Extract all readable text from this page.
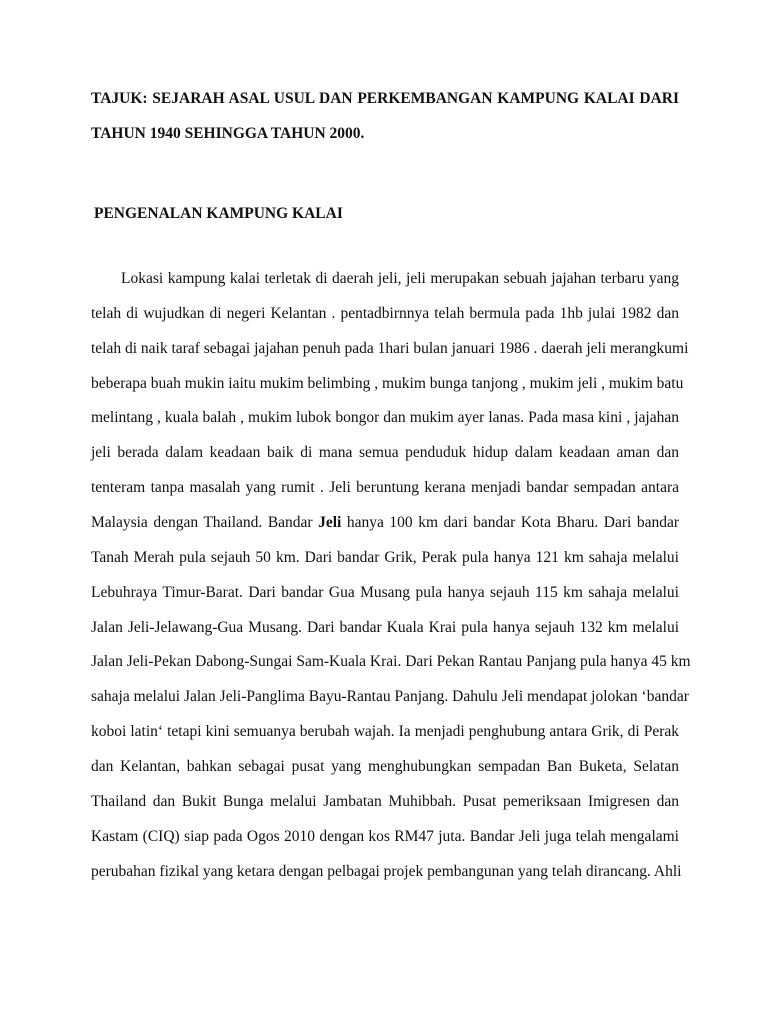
TAJUK: SEJARAH ASAL USUL DAN PERKEMBANGAN KAMPUNG KALAI DARI
TAHUN 1940 SEHINGGA TAHUN 2000.
PENGENALAN KAMPUNG KALAI
Lokasi kampung kalai terletak di daerah jeli, jeli merupakan sebuah jajahan terbaru yang
telah di wujudkan di negeri Kelantan . pentadbirnnya telah bermula pada 1hb julai 1982 dan
telah di naik taraf sebagai jajahan penuh pada 1hari bulan januari 1986 . daerah jeli merangkumi
beberapa buah mukin iaitu mukim belimbing , mukim bunga tanjong , mukim jeli , mukim batu
melintang , kuala balah , mukim lubok bongor dan mukim ayer lanas. Pada masa kini , jajahan
jeli berada dalam keadaan baik di mana semua penduduk hidup dalam keadaan aman dan
tenteram tanpa masalah yang rumit . Jeli beruntung kerana menjadi bandar sempadan antara
Malaysia dengan Thailand. Bandar Jeli hanya 100 km dari bandar Kota Bharu. Dari bandar
Tanah Merah pula sejauh 50 km. Dari bandar Grik, Perak pula hanya 121 km sahaja melalui
Lebuhraya Timur-Barat. Dari bandar Gua Musang pula hanya sejauh 115 km sahaja melalui
Jalan Jeli-Jelawang-Gua Musang. Dari bandar Kuala Krai pula hanya sejauh 132 km melalui
Jalan Jeli-Pekan Dabong-Sungai Sam-Kuala Krai. Dari Pekan Rantau Panjang pula hanya 45 km
sahaja melalui Jalan Jeli-Panglima Bayu-Rantau Panjang. Dahulu Jeli mendapat jolokan ‘bandar
koboi latin‘ tetapi kini semuanya berubah wajah. Ia menjadi penghubung antara Grik, di Perak
dan Kelantan, bahkan sebagai pusat yang menghubungkan sempadan Ban Buketa, Selatan
Thailand dan Bukit Bunga melalui Jambatan Muhibbah. Pusat pemeriksaan Imigresen dan
Kastam (CIQ) siap pada Ogos 2010 dengan kos RM47 juta. Bandar Jeli juga telah mengalami
perubahan fizikal yang ketara dengan pelbagai projek pembangunan yang telah dirancang. Ahli
